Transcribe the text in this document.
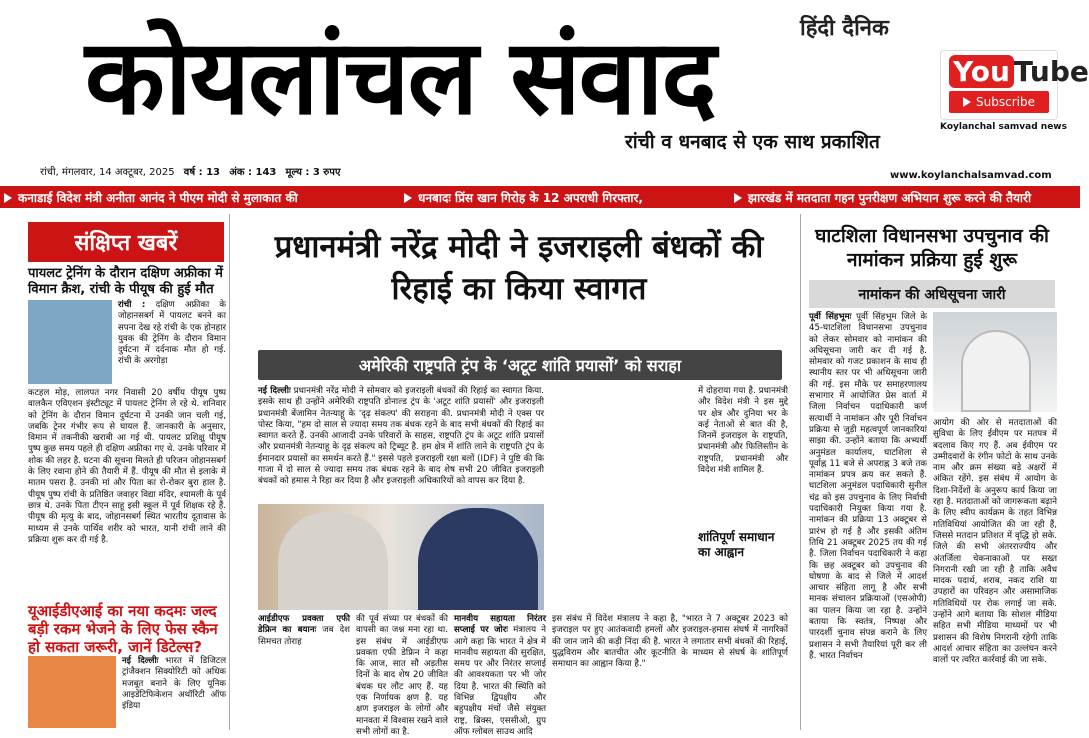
हिंदी दैनिक
कोयलांचल संवाद
रांची व धनबाद से एक साथ प्रकाशित
You Tube
Subscribe
Koylanchal samvad news
रांची, मंगलवार, 14 अक्टूबर, 2025 वर्ष : 13 अंक : 143 मूल्य : 3 रुपए	www.koylanchalsamvad.com
कनाडाई विदेश मंत्री अनीता आनंद ने पीएम मोदी से मुलाकात की	धनबादः प्रिंस खान गिरोह के 12 अपराधी गिरफ्तार,	झारखंड में मतदाता गहन पुनरीक्षण अभियान शुरू करने की तैयारी
संक्षिप्त खबरें
पायलट ट्रेनिंग के दौरान दक्षिण अफ्रीका में विमान क्रैश, रांची के पीयूष की हुई मौत
रांची : दक्षिण अफ्रीका के जोहानसबर्ग में पायलट बनने का सपना देख रहे रांची के एक होनहार युवक की ट्रेनिंग के दौरान विमान दुर्घटना में दर्दनाक मौत हो गई. रांची के अरगोड़ा
कटहल मोड़, लालपत नगर निवासी 20 वर्षीय पीयूष पुष्प वालकैन एविएशन इंस्टीट्यूट में पायलट ट्रेनिंग ले रहे थे. शनिवार को ट्रेनिंग के दौरान विमान दुर्घटना में उनकी जान चली गई, जबकि ट्रेनर गंभीर रूप से घायल हैं. जानकारी के अनुसार, विमान में तकनीकी खराबी आ गई थी. पायलट प्रशिक्षु पीयूष पुष्प कुछ समय पहले ही दक्षिण अफ्रीका गए थे. उनके परिवार में शोक की लहर है. घटना की सूचना मिलते ही परिजन जोहानसबर्ग के लिए रवाना होने की तैयारी में हैं. पीयूष की मौत से इलाके में मातम पसरा है. उनकी मां और पिता का रो-रोकर बुरा हाल है. पीयूष पुष्प रांची के प्रतिष्ठित जवाहर विद्या मंदिर, श्यामली के पूर्व छात्र थे. उनके पिता टीएन साहू इसी स्कूल में पूर्व शिक्षक रहे हैं. पीयूष की मृत्यु के बाद, जोहानसबर्ग स्थित भारतीय दूतावास के माध्यम से उनके पार्थिव शरीर को भारत, यानी रांची लाने की प्रक्रिया शुरू कर दी गई है.
यूआईडीएआई का नया कदमः जल्द बड़ी रकम भेजने के लिए फेस स्कैन हो सकता जरूरी, जानें डिटेल्स?
नई दिल्लीः भारत में डिजिटल ट्रांजैक्शन सिक्योरिटी को अधिक मजबूत बनाने के लिए यूनिक आइडेंटिफिकेशन अथॉरिटी ऑफ इंडिया
प्रधानमंत्री नरेंद्र मोदी ने इजराइली बंधकों की रिहाई का किया स्वागत
अमेरिकी राष्ट्रपति ट्रंप के ‘अटूट शांति प्रयासों’ को सराहा
नई दिल्लीः प्रधानमंत्री नरेंद्र मोदी ने सोमवार को इजराइली बंधकों की रिहाई का स्वागत किया. इसके साथ ही उन्होंने अमेरिकी राष्ट्रपति डोनाल्ड ट्रंप के 'अटूट शांति प्रयासों' और इजराइली प्रधानमंत्री बेंजामिन नेतन्याहू के 'दृढ़ संकल्प' की सराहना की. प्रधानमंत्री मोदी ने एक्स पर पोस्ट किया, "हम दो साल से ज्यादा समय तक बंधक रहने के बाद सभी बंधकों की रिहाई का स्वागत करते हैं. उनकी आजादी उनके परिवारों के साहस, राष्ट्रपति ट्रंप के अटूट शांति प्रयासों और प्रधानमंत्री नेतन्याहू के दृढ़ संकल्प को ट्रिब्यूट है. हम क्षेत्र में शांति लाने के राष्ट्रपति ट्रंप के ईमानदार प्रयासों का समर्थन करते हैं." इससे पहले इजराइली रक्षा बलों (IDF) ने पुष्टि की कि गाजा में दो साल से ज्यादा समय तक बंधक रहने के बाद शेष सभी 20 जीवित इजराइली बंधकों को हमास ने रिहा कर दिया है और इजराइली अधिकारियों को वापस कर दिया है.
में दोहराया गया है. प्रधानमंत्री और विदेश मंत्री ने इस मुद्दे पर क्षेत्र और दुनिया भर के कई नेताओं से बात की है, जिनमें इजराइल के राष्ट्रपति, प्रधानमंत्री और फिलिस्तीन के राष्ट्रपति, प्रधानमंत्री और विदेश मंत्री शामिल हैं.
शांतिपूर्ण समाधान का आह्वान
आईडीएफ प्रवक्ता एफी डेफ्रिन का बयानः जब देश सिमचत तोराह
की पूर्व संध्या पर बंधकों की वापसी का जश्न मना रहा था. इस संबंध में आईडीएफ प्रवक्ता एफी डेफ्रिन ने कहा कि आज, सात सौ अड़तीस दिनों के बाद शेष 20 जीवित बंधक घर लौट आए हैं. यह एक निर्णायक क्षण है. यह क्षण इजराइल के लोगों और मानवता में विश्वास रखने वाले सभी लोगों का है.
मानवीय सहायता निरंतर सप्लाई पर जोरः मंत्रालय ने आगे कहा कि भारत ने क्षेत्र में मानवीय सहायता की सुरक्षित, समय पर और निरंतर सप्लाई की आवश्यकता पर भी जोर दिया है. भारत की स्थिति को विभिन्न द्विपक्षीय और बहुपक्षीय मंचों जैसे संयुक्त राष्ट्र, ब्रिक्स, एससीओ, ग्रुप ऑफ ग्लोबल साउथ आदि
इस संबंध में विदेश मंत्रालय ने कहा है, "भारत ने 7 अक्टूबर 2023 को इजराइल पर हुए आतंकवादी हमलों और इजराइल-हमास संघर्ष में नागरिकों की जान जाने की कड़ी निंदा की है. भारत ने लगातार सभी बंधकों की रिहाई, युद्धविराम और बातचीत और कूटनीति के माध्यम से संघर्ष के शांतिपूर्ण समाधान का आह्वान किया है."
घाटशिला विधानसभा उपचुनाव की नामांकन प्रक्रिया हुई शुरू
नामांकन की अधिसूचना जारी
पूर्वी सिंहभूमः पूर्वी सिंहभूम जिले के 45-घाटशिला विधानसभा उपचुनाव को लेकर सोमवार को नामांकन की अधिसूचना जारी कर दी गई है. सोमवार को गजट प्रकाशन के साथ ही स्थानीय स्तर पर भी अधिसूचना जारी की गई. इस मौके पर समाहरणालय सभागार में आयोजित प्रेस वार्ता में जिला निर्वाचन पदाधिकारी कर्ण सत्यार्थी ने नामांकन और पूरी निर्वाचन प्रक्रिया से जुड़ी महत्वपूर्ण जानकारियां साझा की. उन्होंने बताया कि अभ्यर्थी अनुमंडल कार्यालय, घाटशिला से पूर्वाह्न 11 बजे से अपराह्न 3 बजे तक नामांकन प्रपत्र क्रय कर सकते हैं. घाटशिला अनुमंडल पदाधिकारी सुनील चंद्र को इस उपचुनाव के लिए निर्वाची पदाधिकारी नियुक्त किया गया है. नामांकन की प्रक्रिया 13 अक्टूबर से प्रारंभ हो गई है और इसकी अंतिम तिथि 21 अक्टूबर 2025 तय की गई है. जिला निर्वाचन पदाधिकारी ने कहा कि छह अक्टूबर को उपचुनाव की घोषणा के बाद से जिले में आदर्श आचार संहिता लागू है और सभी मानक संचालन प्रक्रियाओं (एसओपी) का पालन किया जा रहा है. उन्होंने बताया कि स्वतंत्र, निष्पक्ष और पारदर्शी चुनाव संपन्न कराने के लिए प्रशासन ने सभी तैयारियां पूरी कर ली हैं. भारत निर्वाचन
आयोग की ओर से मतदाताओं की सुविधा के लिए ईवीएम पर मतपत्र में बदलाव किए गए हैं. अब ईवीएम पर उम्मीदवारों के रंगीन फोटो के साथ उनके नाम और क्रम संख्या बड़े अक्षरों में अंकित रहेंगे. इस संबंध में आयोग के दिशा-निर्देशों के अनुरूप कार्य किया जा रहा है. मतदाताओं को जागरूकता बढ़ाने के लिए स्वीप कार्यक्रम के तहत विभिन्न गतिविधियां आयोजित की जा रही हैं, जिससे मतदान प्रतिशत में वृद्धि हो सके. जिले की सभी अंतरराज्यीय और अंतर्जिला चेकनाकाओं पर सख्त निगरानी रखी जा रही है ताकि अवैध मादक पदार्थ, शराब, नकद राशि या उपहारों का परिवहन और असामाजिक गतिविधियों पर रोक लगाई जा सके. उन्होंने आगे बताया कि सोशल मीडिया सहित सभी मीडिया माध्यमों पर भी प्रशासन की विशेष निगरानी रहेगी ताकि आदर्श आचार संहिता का उल्लंघन करने वालों पर त्वरित कार्रवाई की जा सके.
